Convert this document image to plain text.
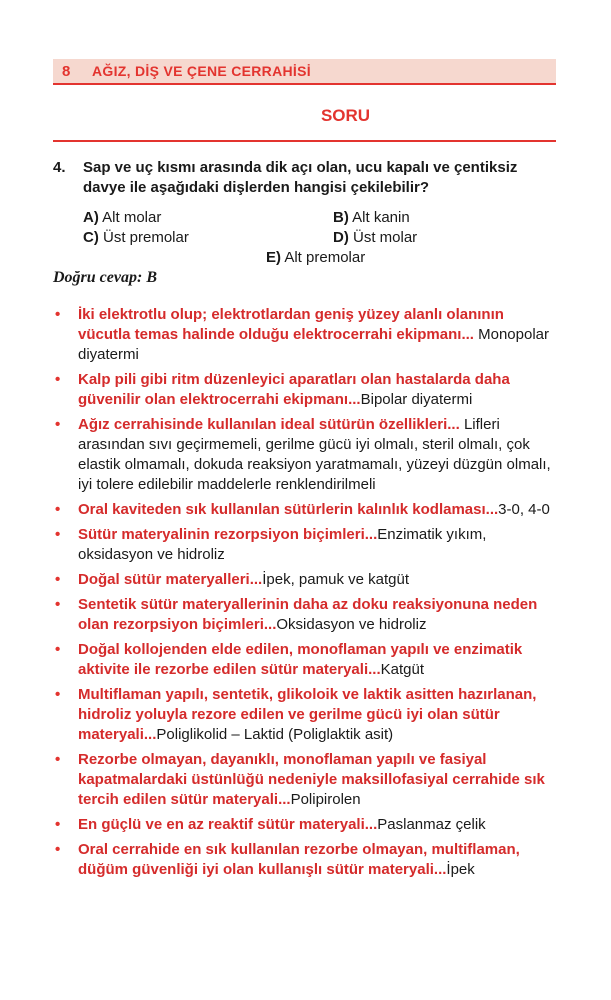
8	AĞIZ, DİŞ VE ÇENE CERRAHİSİ
SORU
4. Sap ve uç kısmı arasında dik açı olan, ucu kapalı ve çentiksiz davye ile aşağıdaki dişlerden hangisi çekilebilir?
A) Alt molar	B) Alt kanin
C) Üst premolar	D) Üst molar
E) Alt premolar
Doğru cevap: B
• İki elektrotlu olup; elektrotlardan geniş yüzey alanlı olanının vücutla temas halinde olduğu elektrocerrahi ekipmanı... Monopolar diyatermi
• Kalp pili gibi ritm düzenleyici aparatları olan hastalarda daha güvenilir olan elektrocerrahi ekipmanı...Bipolar diyatermi
• Ağız cerrahisinde kullanılan ideal sütürün özellikleri... Lifleri arasından sıvı geçirmemeli, gerilme gücü iyi olmalı, steril olmalı, çok elastik olmamalı, dokuda reaksiyon yaratmamalı, yüzeyi düzgün olmalı, iyi tolere edilebilir maddelerle renklendirilmeli
• Oral kaviteden sık kullanılan sütürlerin kalınlık kodlaması...3-0, 4-0
• Sütür materyalinin rezorpsiyon biçimleri...Enzimatik yıkım, oksidasyon ve hidroliz
• Doğal sütür materyalleri...İpek, pamuk ve katgüt
• Sentetik sütür materyallerinin daha az doku reaksiyonuna neden olan rezorpsiyon biçimleri...Oksidasyon ve hidroliz
• Doğal kollojenden elde edilen, monoflaman yapılı ve enzimatik aktivite ile rezorbe edilen sütür materyali...Katgüt
• Multiflaman yapılı, sentetik, glikoloik ve laktik asitten hazırlanan, hidroliz yoluyla rezore edilen ve gerilme gücü iyi olan sütür materyali...Poliglikolid – Laktid (Poliglaktik asit)
• Rezorbe olmayan, dayanıklı, monoflaman yapılı ve fasiyal kapatmalardaki üstünlüğü nedeniyle maksillofasiyal cerrahide sık tercih edilen sütür materyali...Polipirolen
• En güçlü ve en az reaktif sütür materyali...Paslanmaz çelik
• Oral cerrahide en sık kullanılan rezorbe olmayan, multiflaman, düğüm güvenliği iyi olan kullanışlı sütür materyali...İpek
